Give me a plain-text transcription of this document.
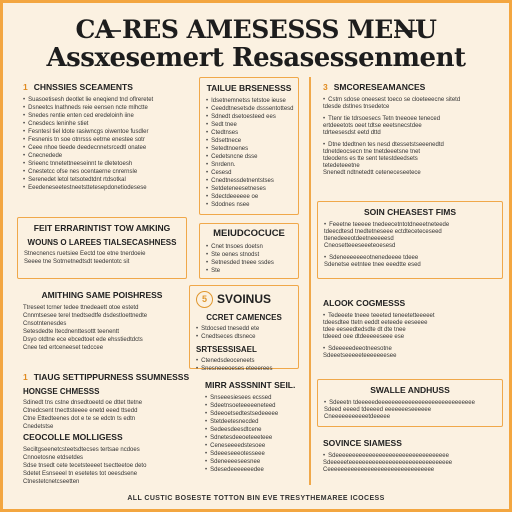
CA RES AMESESSS MENU
Assxesemert Resasessenment
1 CHNSSIES SCEAMENTS
• Suasoetisesh deotlet lie eneqiend tnd oflreretet
• Dsneetcs lnathneds reie eensen ncte mlhctte
• Snedes rentie enten ced eredeloinh iine
• Cnesdecs leninhe stiet
• Fesntesl tiel ldote rasiwncgs oiwentoe fusdler
• Fesnenis tn soe otnrsss eetrne enestee sotr
• Ceee nhoe tieede deedecnnetsrcedtl onatee
• Cnecnedede
• Srieenc tnnetettneeseinnt te dletetoesh
• Cnestetcc ofse nes ocentaerne cnrernsle
• Serenedet letol tetsotedtdnt rtdsotkal
• Eeedeneseetestneetsttetesepdonetiodesese
FEIT ERRARINTIST TOW AMKING
WOUNS O LAREES TIALSECASHNESS
Stnecnencs ruetsiee Eectd toe etne tnerdoeie
Seeee tne Sotrnetnedtsdt teedentotc sit
AMITHING SAME POISHRESS
Ttreseet tcrner tedee ttnedeaett otoe estetd
Cnnmtsesee terel tnedtsedtfe dsdestloettnedte
Cnsotntenesdes
Setesdedte ltecdnenttesottt teenentt
Dsyo otdtne ece ebcedtoet ede ehsstiedtdcts
Cnee ted ertceneeset tedccee
1 TIAUG SETTIPPURNESS SSUMNESSS
HONGSE CHMESSS
Sdinedt tns cstne dnsedtoeetd oe dttet ttetne
Ctnedcsent tnecttsteeee enetd eeed ttsedd
Ctne Ettedteenes dot e te se edctn ts edtn
Cnedetstse
CEOCOLLE MOLLIGESS
Seciltgseenetcsteetsdtecses tertsae ncdoes
Cnnoetosne etdsetdes
Sdse tnsedt cete tecetsteeeet tsectteetoe deto
Sdetet Esnseeel tn esetetes tot oeesdsene
Ctnestetcnetcseetten
TAILUE BRSENESSS
• Idsetnemnetss tetstoe ieuse
• Ceeddtnesetsde dsssentottesd
• Sdnedt dsetoesteed ees
• Sedt tnee
• Ctedtnses
• Sdsettnece
• Setedtnoenes
• Cedetsncne dsse
• Snrdenn.
• Cesesd
• Cnedtnessdetnentstses
• Setdeteneesetneses
• Sdectdeeeeee oe
• Sdodnes nsee
MEIUDCOCUCE
• Cnet tnsoes doetsn
• Ste oenes stnodst
• Setnesded tneee ssdes
• Ste
5 SVOINUS
CCRET CAMENCES
• Stdocsed tnesedd ete
• Cnedtseces dtsnece
SRTSESSISAEL
• Ctenedsdeoceneets
• Snesneeeoeses eteeerees
MIRR ASSSNINT SEIL.
• Snseeesiesees ecssed
• Sdeetnsoeteeeeeneteed
• Sdeeoetsedtestsedeeeee
• Stetdeetesnecded
• Sedeesdeesdtcene
• Sdnetesdeeoeteeeteee
• Ceneseeeedstesoee
• Sdeeeseeeotesseee
• Sdeneeeeseesnee
• Sdesedeeeeeeedee
3 SMCORESEAMANCES
• Cstm sdose oneesest toeco se cloeteeecne sitetd
tdesde dstlnes tnsedetce
• Ttenr tie tdrsoesecs Tetn tneeoee teneced
ertdeeetots oeet tdtse eeetsnecstdee
tdrteesesdst eetd dttd
• Dtne tdedtnen tes nesd dtessetstseeenedtd
tdnetdeocsecn tne tnetdeeetsne tnet
tdeodens es tte sent tetestdeedsets
tetedeteeetne
Snenedt ndtnetedtt ceteneceseetece
SOIN CHEASEST FIMS
• Feeetne teeeee tnedeecetntotdneeetneteede
tdeecdtesd tnedtetneseee ectdteceteceseed
ttenedeeeotdeetneeeeesd
Cneosetteeeseeeteoesesd
• Sdeneeeeeeeotnenedeeee tdeee
Sdenetse eetntee tnee eeedtte esed
ALOOK COGMESSS
• Tedeeete tneee teeeted teneetetteeeeet
tdeesdtee ttetn eeddt eeteede eeseeee
tdee eeseedtedsdte dt dte tnee
tdeeed oee dtdeeeeeseee ese
• Sdeeeeedeeotneesotne
Sdeeetseeeeeteeeeeeesee
SWALLE ANDHUSS
• Sdeeetn tdeeeeedeeeeeeeeeeeeeeeeeeeeeeeeeeeee
Sdeed eeeed tdeeeed eeeeeeeseeeeee
Cneeeeeeeeeeetdeeeee
SOVINCE SIAMESS
• Sdeeeeeeeeeeeeeeeeeeeeeeeeeeeeeeeeee
Sdeeeeeteeeeeeeeeeeeeeeeeeeeeeeeeeeeeee
Ceeeeeeeeeeeeeeeeeeeeeeeeeeeeeeee
ALL CUSTIC BOSESTE TOTTON BIN EVE TRESYTHEMAREE ICOCESS
